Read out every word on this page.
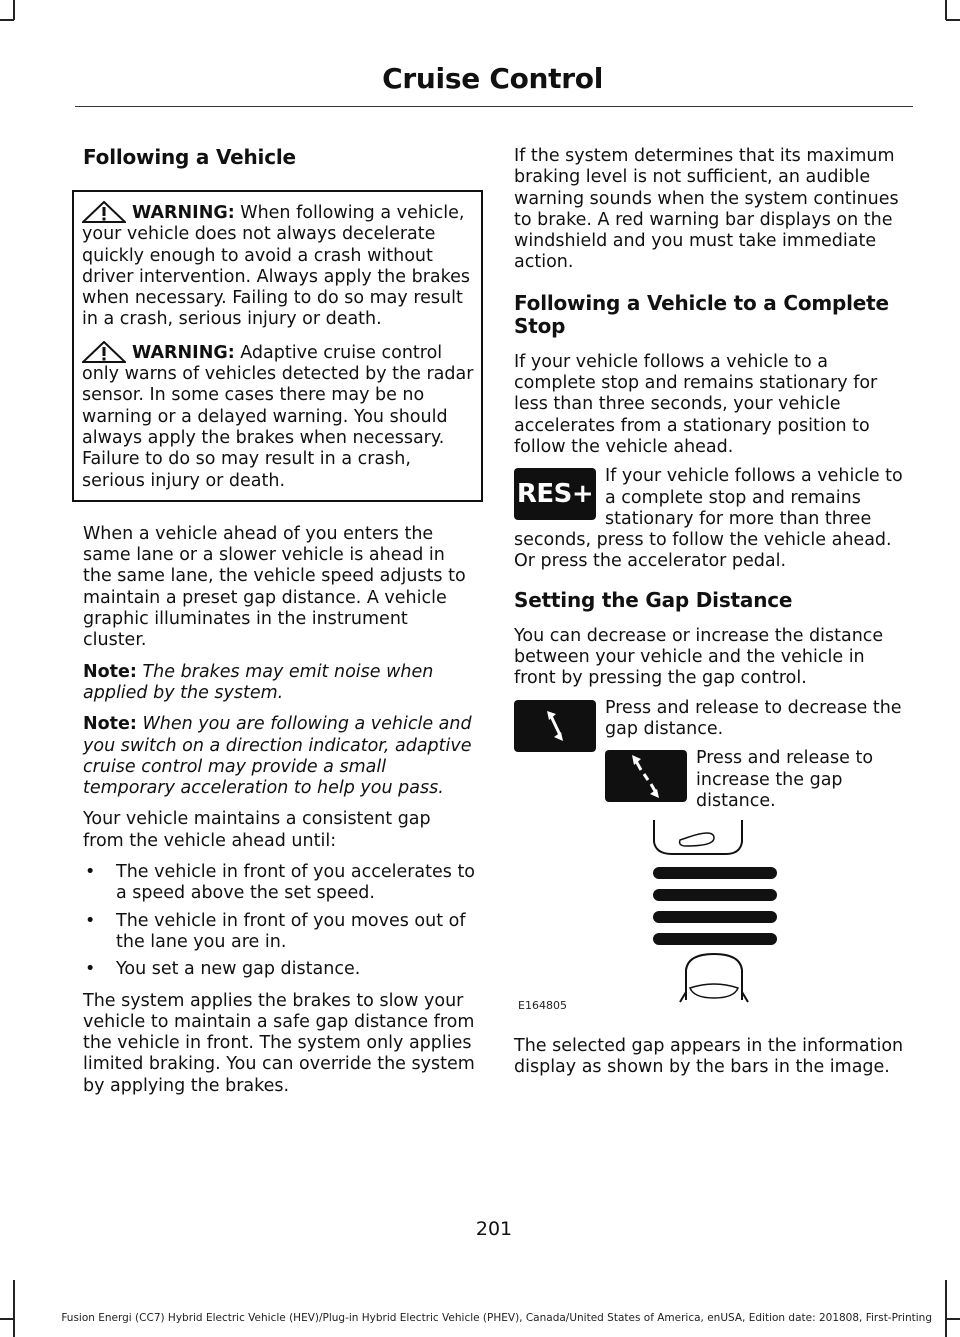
Cruise Control
Following a Vehicle

WARNING: When following a vehicle, your vehicle does not always decelerate quickly enough to avoid a crash without driver intervention. Always apply the brakes when necessary. Failing to do so may result in a crash, serious injury or death.

WARNING: Adaptive cruise control only warns of vehicles detected by the radar sensor. In some cases there may be no warning or a delayed warning. You should always apply the brakes when necessary. Failure to do so may result in a crash, serious injury or death.

When a vehicle ahead of you enters the same lane or a slower vehicle is ahead in the same lane, the vehicle speed adjusts to maintain a preset gap distance. A vehicle graphic illuminates in the instrument cluster.

Note: The brakes may emit noise when applied by the system.

Note: When you are following a vehicle and you switch on a direction indicator, adaptive cruise control may provide a small temporary acceleration to help you pass.

Your vehicle maintains a consistent gap from the vehicle ahead until:

• The vehicle in front of you accelerates to a speed above the set speed.
• The vehicle in front of you moves out of the lane you are in.
• You set a new gap distance.

The system applies the brakes to slow your vehicle to maintain a safe gap distance from the vehicle in front. The system only applies limited braking. You can override the system by applying the brakes.

If the system determines that its maximum braking level is not sufficient, an audible warning sounds when the system continues to brake. A red warning bar displays on the windshield and you must take immediate action.

Following a Vehicle to a Complete Stop

If your vehicle follows a vehicle to a complete stop and remains stationary for less than three seconds, your vehicle accelerates from a stationary position to follow the vehicle ahead.

RES+
If your vehicle follows a vehicle to a complete stop and remains stationary for more than three seconds, press to follow the vehicle ahead. Or press the accelerator pedal.
Setting the Gap Distance

You can decrease or increase the distance between your vehicle and the vehicle in front by pressing the gap control.

Press and release to decrease the gap distance.
Press and release to increase the gap distance.
E164805

The selected gap appears in the information display as shown by the bars in the image.

201
Fusion Energi (CC7) Hybrid Electric Vehicle (HEV)/Plug-in Hybrid Electric Vehicle (PHEV), Canada/United States of America, enUSA, Edition date: 201808, First-Printing
